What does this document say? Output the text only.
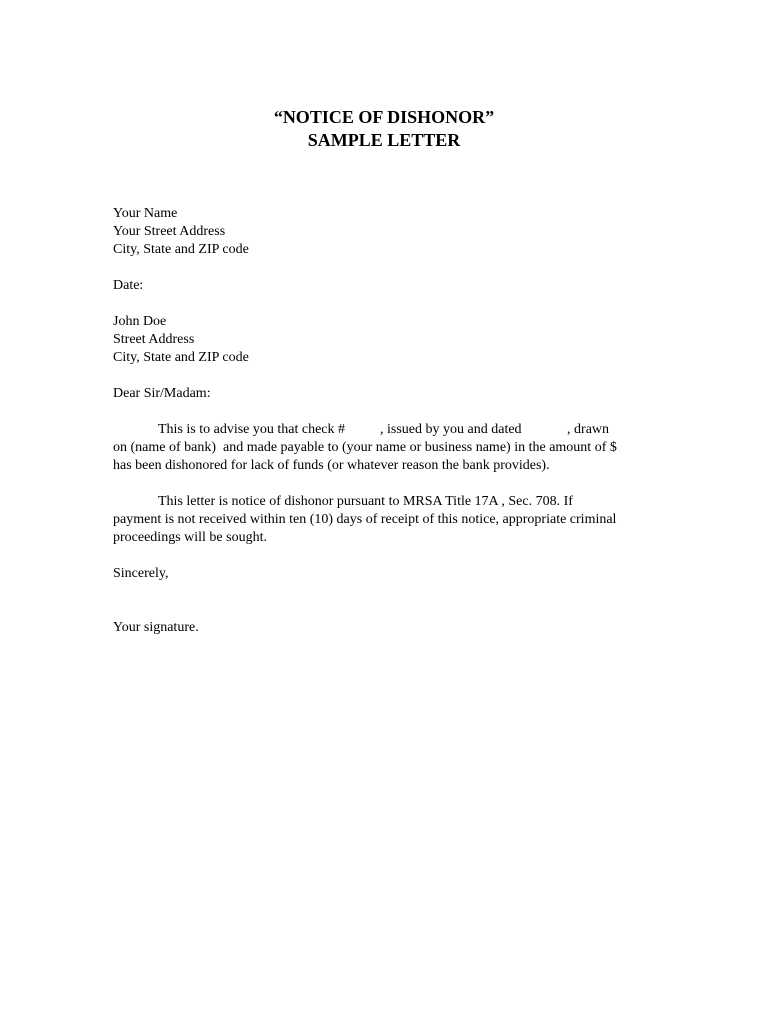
“NOTICE OF DISHONOR”
SAMPLE LETTER
Your Name
Your Street Address
City, State and ZIP code
Date:
John Doe
Street Address
City, State and ZIP code
Dear Sir/Madam:
This is to advise you that check #          , issued by you and dated             , drawn
on (name of bank)  and made payable to (your name or business name) in the amount of $
has been dishonored for lack of funds (or whatever reason the bank provides).
This letter is notice of dishonor pursuant to MRSA Title 17A , Sec. 708. If
payment is not received within ten (10) days of receipt of this notice, appropriate criminal
proceedings will be sought.
Sincerely,
Your signature.
